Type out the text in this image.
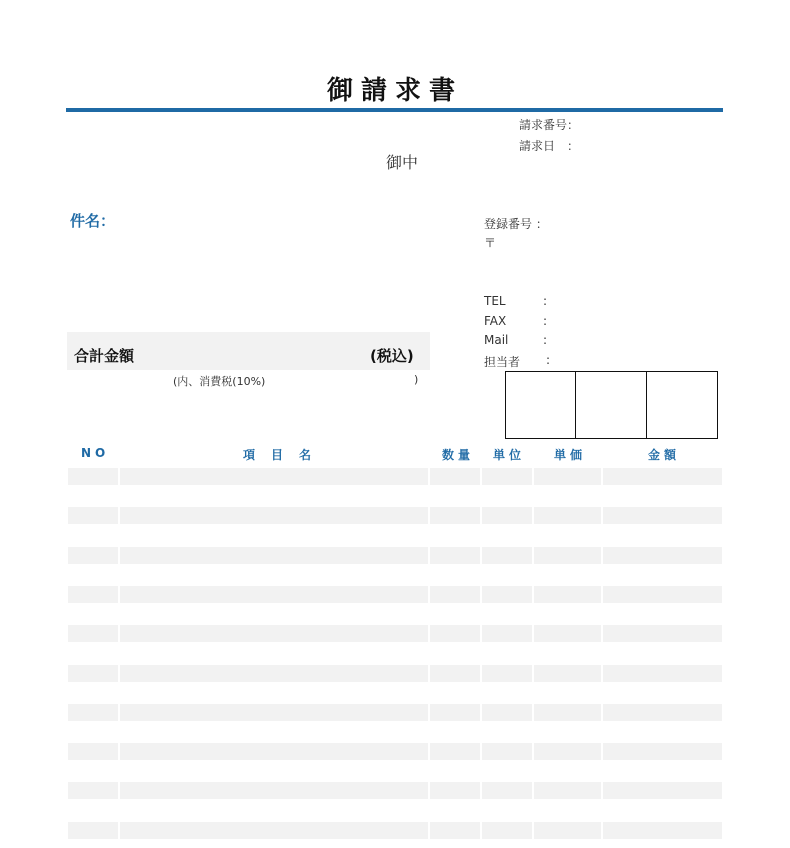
御請求書
請求番号：
請求日　：
御中
件名：	登録番号 ：
〒
TEL	:
FAX	:
Mail	:
担当者 :
合計金額	(税込)
(内、消費税(10%)	)
NO	項目名	数量 単位 単価	金額
